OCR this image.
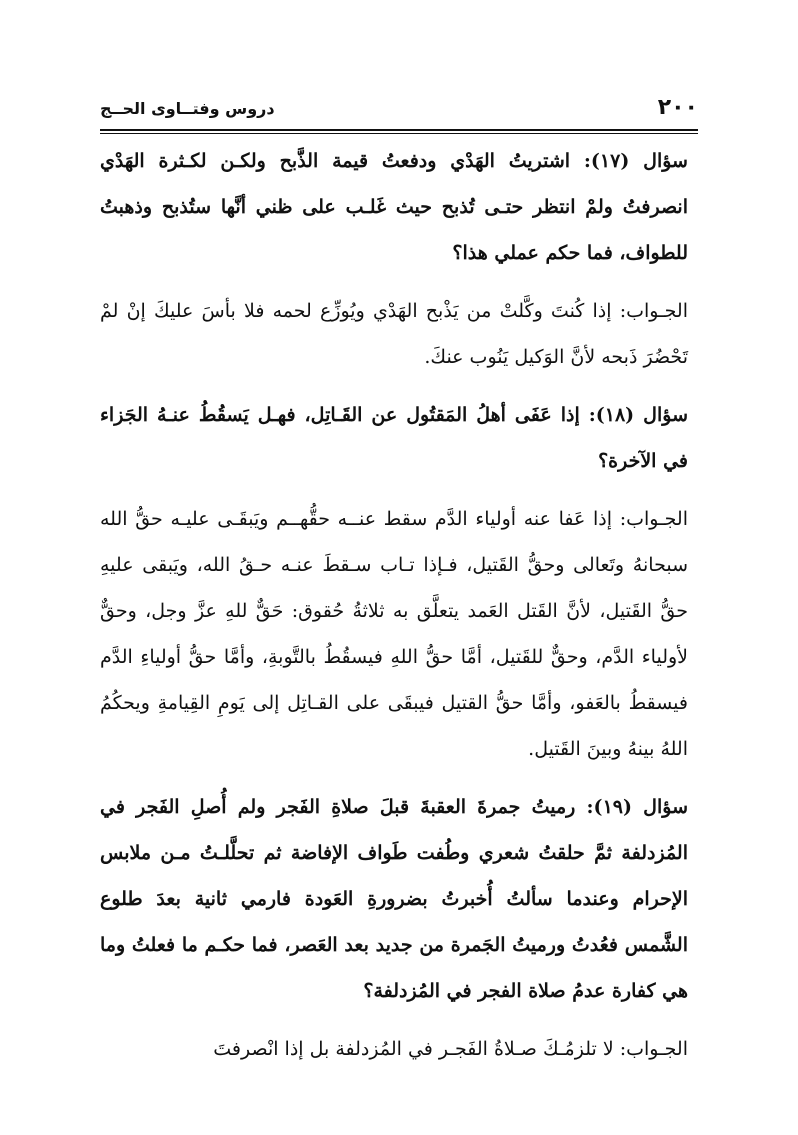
٢٠٠
دروس وفتــاوى الحــج

سؤال (١٧): اشتريتُ الهَدْي ودفعتُ قيمة الذَّبح ولكـن لكـثرة الهَدْي انصرفتُ ولمْ انتظر حتـى تُذبح حيث غَلـب على ظني أنَّها ستُذبح وذهبتُ للطواف، فما حكم عملي هذا؟

الجـواب: إذا كُنتَ وكَّلتْ من يَذْبح الهَدْي ويُوزِّع لحمه فلا بأسَ عليكَ إنْ لمْ تَحْضُرَ ذَبحه لأنَّ الوَكيل يَنُوب عنكَ.

سؤال (١٨): إذا عَفَى أهلُ المَقتُول عن القَـاتِل، فهـل يَسقُطُ عنـهُ الجَزاء في الآخرة؟

الجـواب: إذا عَفا عنه أولياء الدَّم سقط عنــه حقُّهــم ويَبقَـى عليـه حقُّ الله سبحانهُ وتَعالى وحقُّ القَتيل، فـإذا تـاب سـقطَ عنـه حـقُ الله، ويَبقى عليهِ حقُّ القَتيل، لأنَّ القَتل العَمد يتعلَّق به ثلاثةُ حُقوق: حَقٌّ للهِ عزَّ وجل، وحقٌّ لأولياء الدَّم، وحقٌّ للقَتيل، أمَّا حقُّ اللهِ فيسقُطُ بالتَّوبةِ، وأمَّا حقُّ أولياءِ الدَّم فيسقطُ بالعَفو، وأمَّا حقُّ القتيل فيبقَى على القـاتِل إلى يَومِ القِيامةِ ويحكُمُ اللهُ بينهُ وبينَ القَتيل.

سؤال (١٩): رميتُ جمرةَ العقبةَ قبلَ صلاةِ الفَجر ولم أُصلِ الفَجر في المُزدلفة ثمَّ حلقتُ شعري وطُفت طَواف الإفاضة ثم تحلَّلـتُ مـن ملابس الإحرام وعندما سألتُ أُخبرتُ بضرورةِ العَودة فارمي ثانية بعدَ طلوع الشَّمس فعُدتُ ورميتُ الجَمرة من جديد بعد العَصر، فما حكـم ما فعلتُ وما هي كفارة عدمُ صلاة الفجر في المُزدلفة؟

الجـواب: لا تلزمُـكَ صـلاةُ الفَجـر في المُزدلفة بل إذا انْصرفتَ
